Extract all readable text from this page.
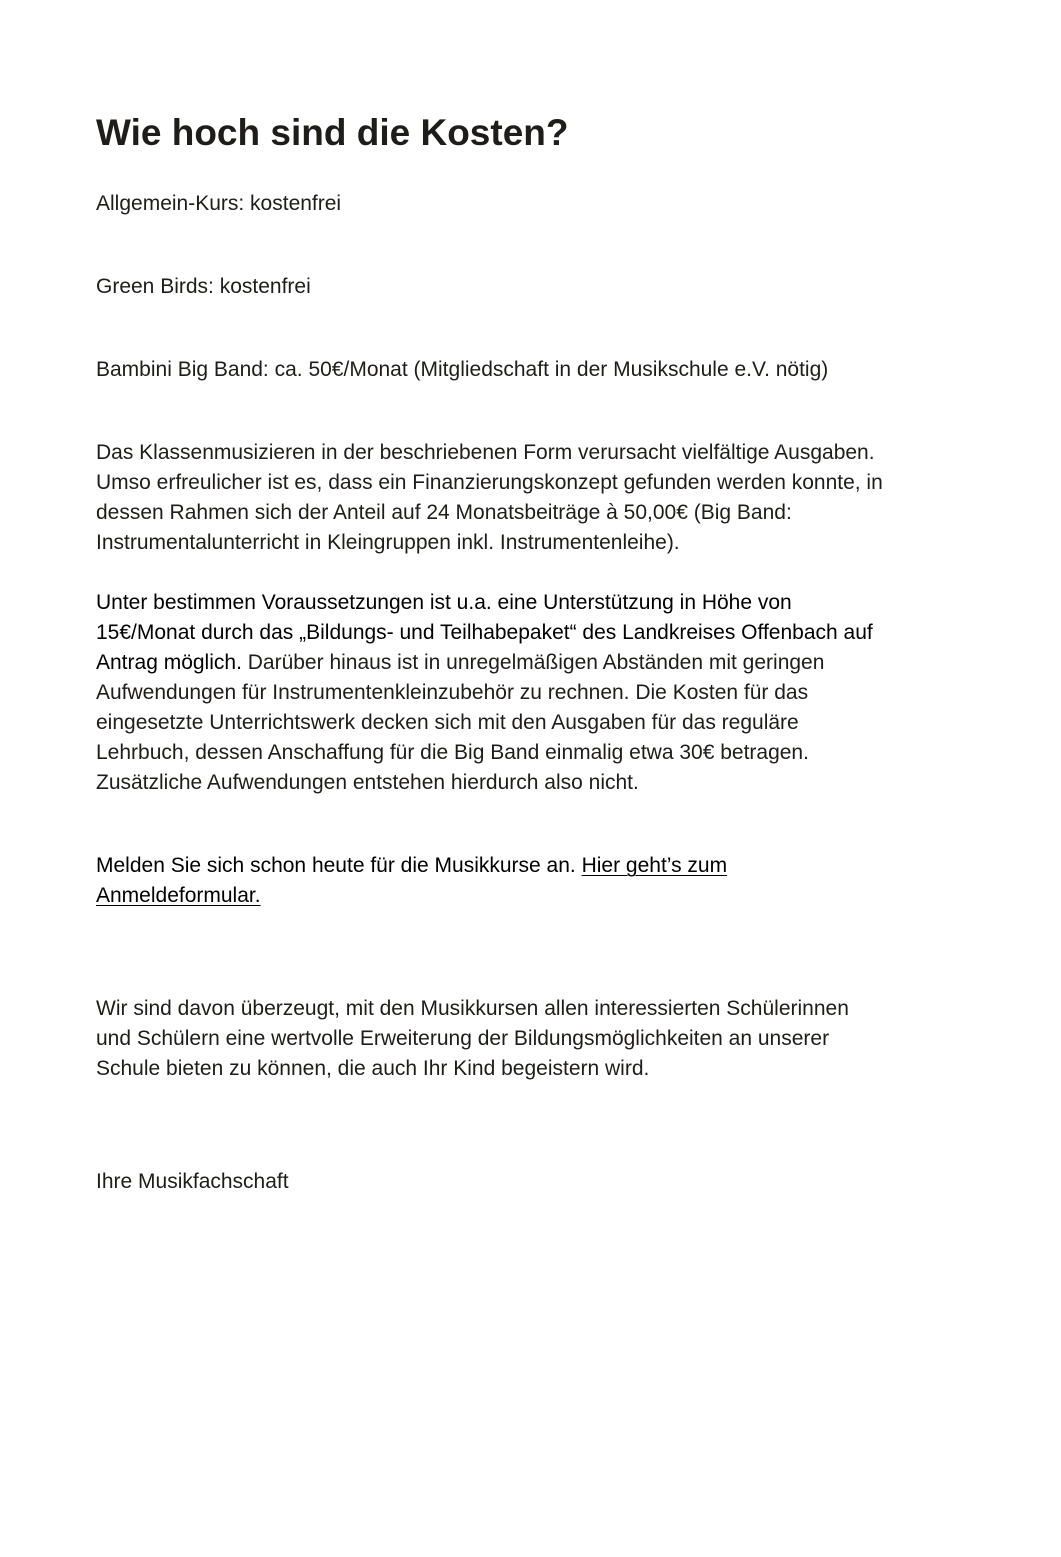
Wie hoch sind die Kosten?

Allgemein-Kurs: kostenfrei

Green Birds: kostenfrei

Bambini Big Band: ca. 50€/Monat (Mitgliedschaft in der Musikschule e.V. nötig)

Das Klassenmusizieren in der beschriebenen Form verursacht vielfältige Ausgaben.
Umso erfreulicher ist es, dass ein Finanzierungskonzept gefunden werden konnte, in
dessen Rahmen sich der Anteil auf 24 Monatsbeiträge à 50,00€ (Big Band:
Instrumentalunterricht in Kleingruppen inkl. Instrumentenleihe).

Unter bestimmen Voraussetzungen ist u.a. eine Unterstützung in Höhe von
15€/Monat durch das „Bildungs- und Teilhabepaket“ des Landkreises Offenbach auf
Antrag möglich. Darüber hinaus ist in unregelmäßigen Abständen mit geringen
Aufwendungen für Instrumentenkleinzubehör zu rechnen. Die Kosten für das
eingesetzte Unterrichtswerk decken sich mit den Ausgaben für das reguläre
Lehrbuch, dessen Anschaffung für die Big Band einmalig etwa 30€ betragen.
Zusätzliche Aufwendungen entstehen hierdurch also nicht.

Melden Sie sich schon heute für die Musikkurse an. Hier geht’s zum
Anmeldeformular.

Wir sind davon überzeugt, mit den Musikkursen allen interessierten Schülerinnen
und Schülern eine wertvolle Erweiterung der Bildungsmöglichkeiten an unserer
Schule bieten zu können, die auch Ihr Kind begeistern wird.

Ihre Musikfachschaft
